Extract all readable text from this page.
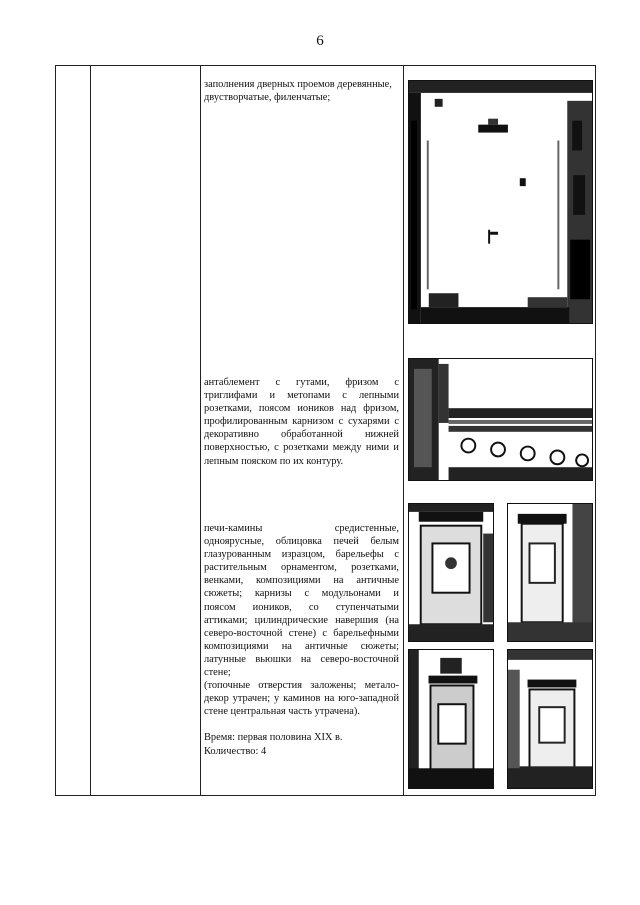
6

заполнения дверных проемов деревянные,

двустворчатые, филенчатые;

антаблемент с гутами, фризом с

триглифами и метопами с лепными

розетками, поясом иоников над фризом,

профилированным карнизом с сухарями с

декоративно обработанной нижней

поверхностью, с розетками между ними и

лепным пояском по их контуру.

печи-камины средистенные,

одноярусные, облицовка печей белым

глазурованным изразцом, барельефы с

растительным орнаментом, розетками,

венками, композициями на античные

сюжеты; карнизы с модульонами и

поясом иоников, со ступенчатыми

аттиками; цилиндрические навершия (на

северо-восточной стене) с барельефными

композициями на античные сюжеты;

латунные вьюшки на северо-восточной

стене;

(топочные отверстия заложены; метало-

декор утрачен; у каминов на юго-западной

стене центральная часть утрачена).

Время: первая половина XIX в.

Количество: 4
